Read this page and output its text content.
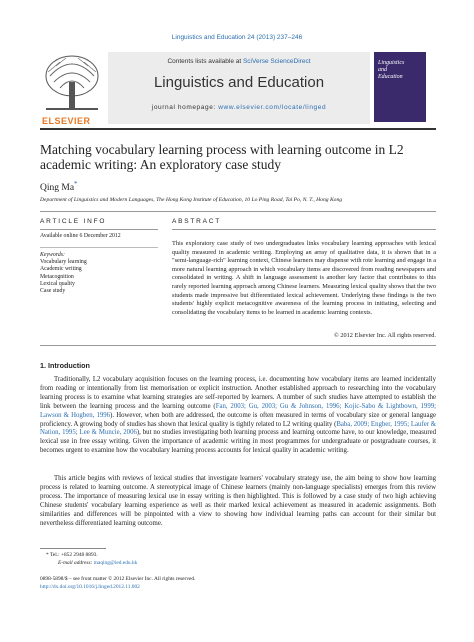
Linguistics and Education 24 (2013) 237–246
ELSEVIER
Contents lists available at SciVerse ScienceDirect
Linguistics and Education
journal homepage: www.elsevier.com/locate/linged
Linguistics
and
Education
Matching vocabulary learning process with learning outcome in L2 academic writing: An exploratory case study
Qing Ma*
Department of Linguistics and Modern Languages, The Hong Kong Institute of Education, 10 Lo Ping Road, Tai Po, N. T., Hong Kong
ARTICLE INFO
Available online 6 December 2012
Keywords:
Vocabulary learning
Academic writing
Metacognition
Lexical quality
Case study
ABSTRACT
This exploratory case study of two undergraduates links vocabulary learning approaches with lexical quality measured in academic writing. Employing an array of qualitative data, it is shown that in a "semi-language-rich" learning context, Chinese learners may dispense with rote learning and engage in a more natural learning approach in which vocabulary items are discovered from reading newspapers and consolidated in writing. A shift in language assessment is another key factor that contributes to this rarely reported learning approach among Chinese learners. Measuring lexical quality shows that the two students made impressive but differentiated lexical achievement. Underlying these findings is the two students' highly explicit metacognitive awareness of the learning process in initiating, selecting and consolidating the vocabulary items to be learned in academic learning contexts.
© 2012 Elsevier Inc. All rights reserved.
1. Introduction
Traditionally, L2 vocabulary acquisition focuses on the learning process, i.e. documenting how vocabulary items are learned incidentally from reading or intentionally from list memorisation or explicit instruction. Another established approach to researching into the vocabulary learning process is to examine what learning strategies are self-reported by learners. A number of such studies have attempted to establish the link between the learning process and the learning outcome (Fan, 2003; Gu, 2003; Gu & Johnson, 1996; Kojic-Sabo & Lightbown, 1999; Lawson & Hogben, 1996). However, when both are addressed, the outcome is often measured in terms of vocabulary size or general language proficiency. A growing body of studies has shown that lexical quality is tightly related to L2 writing quality (Baba, 2009; Engber, 1995; Laufer & Nation, 1995; Lee & Muncie, 2006), but no studies investigating both learning process and learning outcome have, to our knowledge, measured lexical use in free essay writing. Given the importance of academic writing in most programmes for undergraduate or postgraduate courses, it becomes urgent to examine how the vocabulary learning process accounts for lexical quality in academic writing.
This article begins with reviews of lexical studies that investigate learners' vocabulary strategy use, the aim being to show how learning process is related to learning outcome. A stereotypical image of Chinese learners (mainly non-language specialists) emerges from this review process. The importance of measuring lexical use in essay writing is then highlighted. This is followed by a case study of two high achieving Chinese students' vocabulary learning experience as well as their marked lexical achievement as measured in academic assignments. Both similarities and differences will be pinpointed with a view to showing how individual learning paths can account for their similar but nevertheless differentiated learning outcome.
* Tel.: +852 2948 8893.
E-mail address: maqing@ied.edu.hk
0898-5898/$ – see front matter © 2012 Elsevier Inc. All rights reserved.
http://dx.doi.org/10.1016/j.linged.2012.11.002
